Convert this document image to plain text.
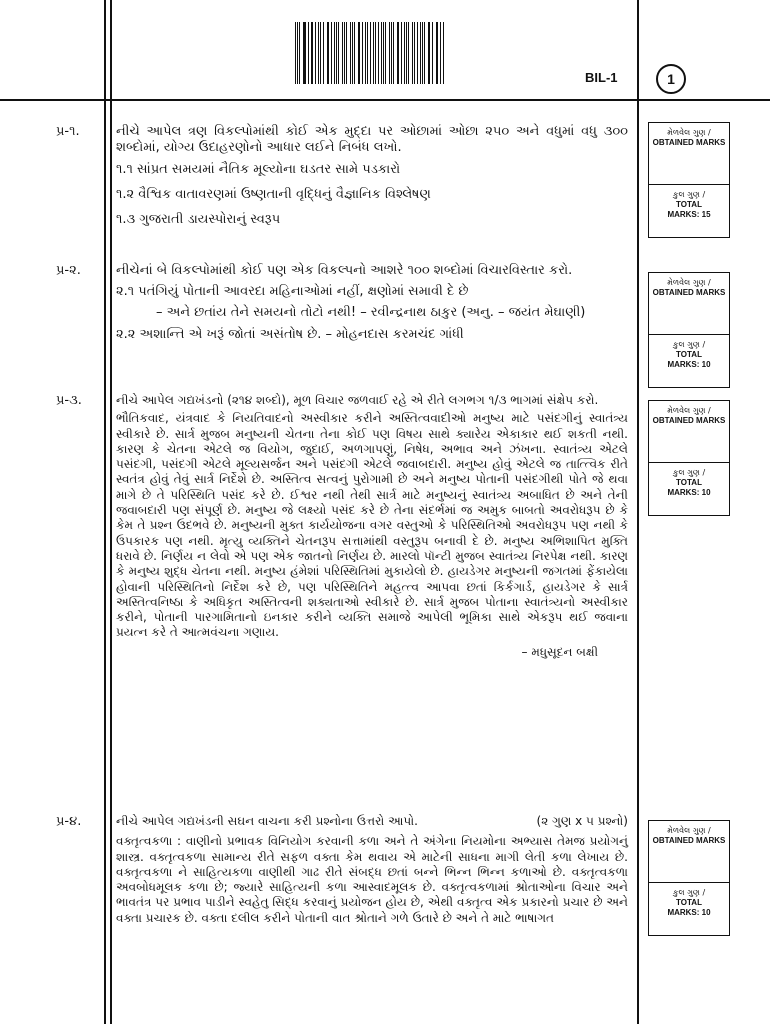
BIL-1	1
પ્ર-૧.	નીચે આપેલ ત્રણ વિકલ્પોમાંથી કોઈ એક મુદ્દા પર ઓછામાં ઓછા ૨૫૦ અને વધુમાં વધુ ૩૦૦ શબ્દોમાં, યોગ્ય ઉદાહરણોનો આધાર લઈને નિબંધ લખો.

૧.૧ સાંપ્રત સમયમાં નૈતિક મૂલ્યોના ઘડતર સામે પડકારો

૧.૨ વૈશ્વિક વાતાવરણમાં ઉષ્ણતાની વૃદ્ધિનું વૈજ્ઞાનિક વિશ્લેષણ

૧.૩ ગુજરાતી ડાયસ્પોરાનું સ્વરૂપ

મેળવેલ ગુણ /
OBTAINED MARKS
કુલ ગુણ /
TOTAL
MARKS: 15
પ્ર-૨.	નીચેનાં બે વિકલ્પોમાંથી કોઈ પણ એક વિકલ્પનો આશરે ૧૦૦ શબ્દોમાં વિચારવિસ્તાર કરો.

૨.૧ પતંગિયું પોતાની આવરદા મહિનાઓમાં નહીં, ક્ષણોમાં સમાવી દે છે

– અને છતાંય તેને સમયનો તોટો નથી! – રવીન્દ્રનાથ ઠાકુર (અનુ. – જયંત મેઘાણી)

૨.૨ અશાન્તિ એ ખરૂં જોતાં અસંતોષ છે. – મોહનદાસ કરમચંદ ગાંધી

મેળવેલ ગુણ /
OBTAINED MARKS
કુલ ગુણ /
TOTAL
MARKS: 10
પ્ર-૩.	નીચે આપેલ ગદ્યખંડનો (૨૧૪ શબ્દો), મૂળ વિચાર જળવાઈ રહે એ રીતે લગભગ ૧/૩ ભાગમાં સંક્ષેપ કરો.

ભૌતિકવાદ, યંત્રવાદ કે નિયતિવાદનો અસ્વીકાર કરીને અસ્તિત્વવાદીઓ મનુષ્ય માટે પસંદગીનું સ્વાતંત્ર્ય સ્વીકારે છે. સાર્ત્ર મુજબ મનુષ્યની ચેતના તેના કોઈ પણ વિષય સાથે ક્યારેય એકાકાર થઈ શકતી નથી. કારણ કે ચેતના એટલે જ વિયોગ, જુદાઈ, અળગાપણું, નિષેધ, અભાવ અને ઝંખના. સ્વાતંત્ર્ય એટલે પસંદગી, પસંદગી એટલે મૂલ્યસર્જન અને પસંદગી એટલે જવાબદારી. મનુષ્ય હોવું એટલે જ તાત્ત્વિક રીતે સ્વતંત્ર હોવું તેવું સાર્ત્ર નિર્દેશે છે. અસ્તિત્વ સત્વનું પુરોગામી છે અને મનુષ્ય પોતાની પસંદગીથી પોતે જે થવા માગે છે તે પરિસ્થિતિ પસંદ કરે છે. ઈશ્વર નથી તેથી સાર્ત્ર માટે મનુષ્યનું સ્વાતંત્ર્ય અબાધિત છે અને તેની જવાબદારી પણ સંપૂર્ણ છે. મનુષ્ય જે લક્ષ્યો પસંદ કરે છે તેના સંદર્ભમાં જ અમુક બાબતો અવરોધરૂપ છે કે કેમ તે પ્રશ્ન ઉદભવે છે. મનુષ્યની મુક્ત કાર્યયોજના વગર વસ્તુઓ કે પરિસ્થિતિઓ અવરોધરૂપ પણ નથી કે ઉપકારક પણ નથી. મૃત્યુ વ્યક્તિને ચેતનરૂપ સત્તામાંથી વસ્તુરૂપ બનાવી દે છે. મનુષ્ય અભિશાપિત મુક્તિ ધરાવે છે. નિર્ણય ન લેવો એ પણ એક જાતનો નિર્ણય છે. મારલો પૉન્ટી મુજબ સ્વાતંત્ર્ય નિરપેક્ષ નથી. કારણ કે મનુષ્ય શુદ્ધ ચેતના નથી. મનુષ્ય હંમેશાં પરિસ્થિતિમાં મુકાયેલો છે. હાયડેગર મનુષ્યની જગતમાં ફેંકાયેલા હોવાની પરિસ્થિતિનો નિર્દેશ કરે છે, પણ પરિસ્થિતિને મહત્ત્વ આપવા છતાં કિર્કગાર્ડ, હાયડેગર કે સાર્ત્ર અસ્તિત્વનિષ્ઠા કે અધિકૃત અસ્તિત્વની શક્યતાઓ સ્વીકારે છે. સાર્ત્ર મુજબ પોતાના સ્વાતંત્ર્યનો અસ્વીકાર કરીને, પોતાની પારગામિતાનો ઇનકાર કરીને વ્યક્તિ સમાજે આપેલી ભૂમિકા સાથે એકરૂપ થઈ જવાના પ્રયત્ન કરે તે આત્મવંચના ગણાય.

– મધુસૂદન બક્ષી

મેળવેલ ગુણ /
OBTAINED MARKS
કુલ ગુણ /
TOTAL
MARKS: 10
પ્ર-૪.	નીચે આપેલ ગદ્યખંડની સઘન વાચના કરી પ્રશ્નોના ઉત્તરો આપો.	(૨ ગુણ x ૫ પ્રશ્નો)

વક્તૃત્વકળા : વાણીનો પ્રભાવક વિનિયોગ કરવાની કળા અને તે અંગેના નિયમોના અભ્યાસ તેમજ પ્રયોગનું શાસ્ત્ર. વક્તૃત્વકળા સામાન્ય રીતે સફળ વક્તા કેમ થવાય એ માટેની સાધના માગી લેતી કળા લેખાય છે. વક્તૃત્વકળા ને સાહિત્યકળા વાણીથી ગાઢ રીતે સંબદ્ધ છતાં બન્ને ભિન્ન ભિન્ન કળાઓ છે. વક્તૃત્વકળા અવબોધમૂલક કળા છે; જ્યારે સાહિત્યની કળા આસ્વાદમૂલક છે. વક્તૃત્વકળામાં શ્રોતાઓના વિચાર અને ભાવતંત્ર પર પ્રભાવ પાડીને સ્વહેતુ સિદ્ધ કરવાનું પ્રયોજન હોય છે, એથી વક્તૃત્વ એક પ્રકારનો પ્રચાર છે અને વક્તા પ્રચારક છે. વક્તા દલીલ કરીને પોતાની વાત શ્રોતાને ગળે ઉતારે છે અને તે માટે ભાષાગત

મેળવેલ ગુણ /
OBTAINED MARKS
કુલ ગુણ /
TOTAL
MARKS: 10
